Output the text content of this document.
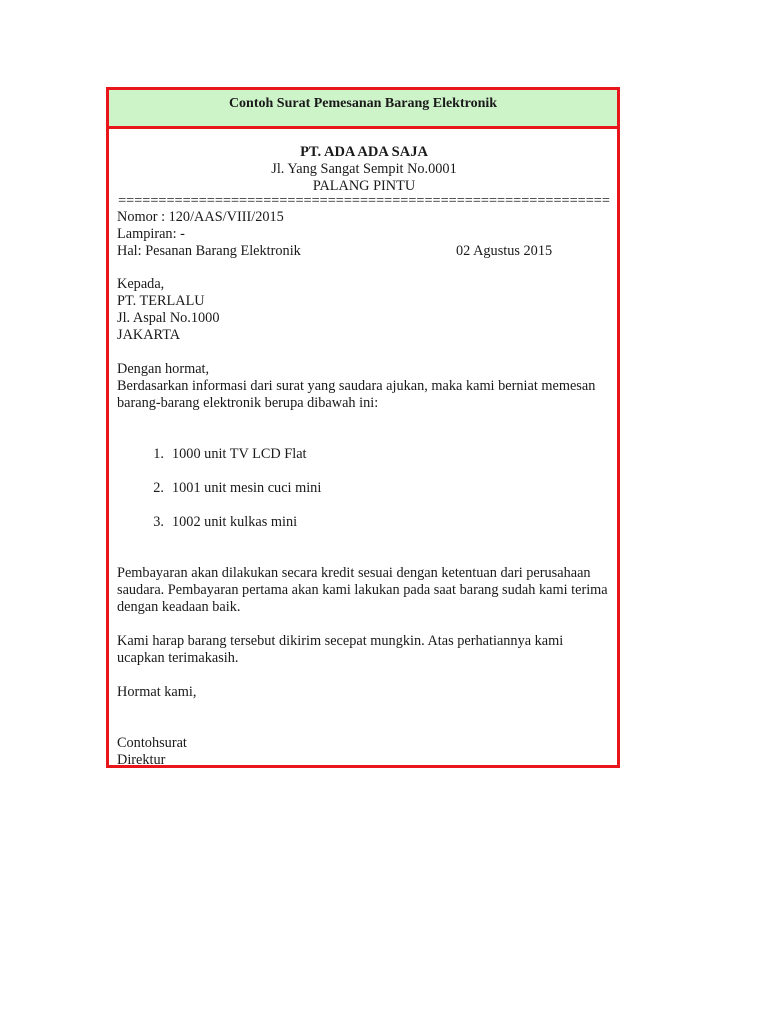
Contoh Surat Pemesanan Barang Elektronik
PT. ADA ADA SAJA
Jl. Yang Sangat Sempit No.0001
PALANG PINTU
=============================================================
Nomor : 120/AAS/VIII/2015
Lampiran: -
Hal: Pesanan Barang Elektronik	02 Agustus 2015
Kepada,
PT. TERLALU
Jl. Aspal No.1000
JAKARTA
Dengan hormat,

Berdasarkan informasi dari surat yang saudara ajukan, maka kami berniat memesan barang-barang elektronik berupa dibawah ini:

1. 1000 unit TV LCD Flat
2. 1001 unit mesin cuci mini
3. 1002 unit kulkas mini

Pembayaran akan dilakukan secara kredit sesuai dengan ketentuan dari perusahaan saudara. Pembayaran pertama akan kami lakukan pada saat barang sudah kami terima dengan keadaan baik.

Kami harap barang tersebut dikirim secepat mungkin. Atas perhatiannya kami ucapkan terimakasih.

Hormat kami,
Contohsurat
Direktur
